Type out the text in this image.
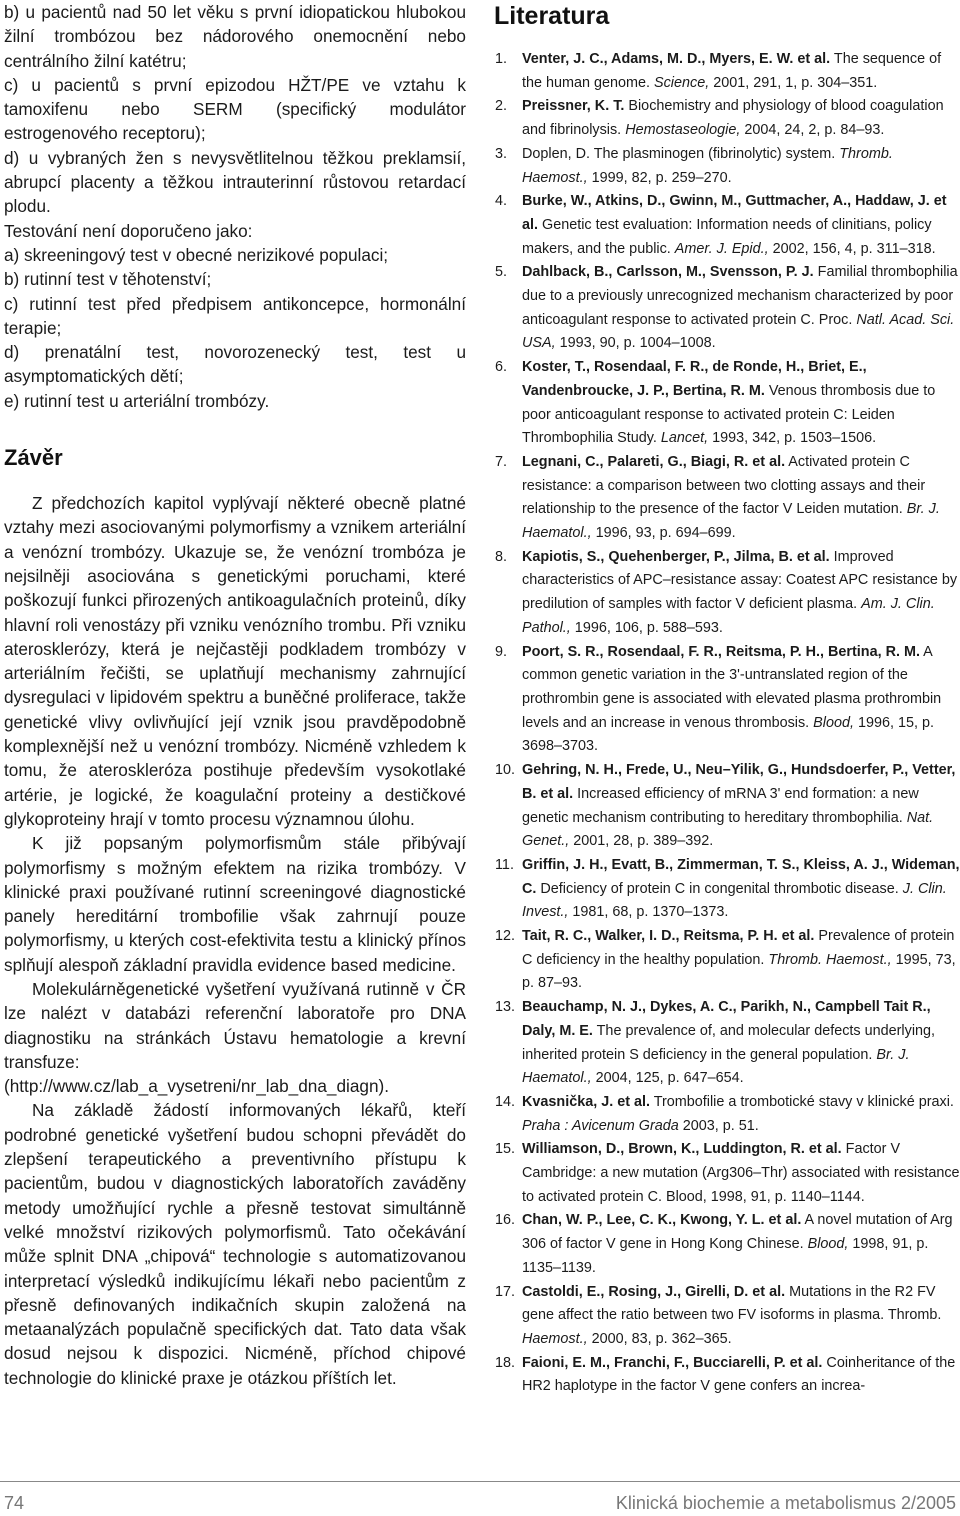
b) u pacientů nad 50 let věku s první idiopatickou hlubokou žilní trombózou bez nádorového onemocnění nebo centrálního žilní katétru;

c) u pacientů s první epizodou HŽT/PE ve vztahu k tamoxifenu nebo SERM (specifický modulátor estrogenového receptoru);

d) u vybraných žen s nevysvětlitelnou těžkou preklamsií, abrupcí placenty a těžkou intrauterinní růstovou retardací plodu.

Testování není doporučeno jako:

a) skreeningový test v obecné nerizikové populaci;

b) rutinní test v těhotenství;

c) rutinní test před předpisem antikoncepce, hormonální terapie;

d) prenatální test, novorozenecký test, test u asymptomatických dětí;

e) rutinní test u arteriální trombózy.

Závěr

Z předchozích kapitol vyplývají některé obecně platné vztahy mezi asociovanými polymorfismy a vznikem arteriální a venózní trombózy. Ukazuje se, že venózní trombóza je nejsilněji asociována s genetickými poruchami, které poškozují funkci přirozených antikoagulačních proteinů, díky hlavní roli venostázy při vzniku venózního trombu. Při vzniku aterosklerózy, která je nejčastěji podkladem trombózy v arteriálním řečišti, se uplatňují mechanismy zahrnující dysregulaci v lipidovém spektru a buněčné proliferace, takže genetické vlivy ovlivňující její vznik jsou pravděpodobně komplexnější než u venózní trombózy. Nicméně vzhledem k tomu, že ateroskleróza postihuje především vysokotlaké artérie, je logické, že koagulační proteiny a destičkové glykoproteiny hrají v tomto procesu významnou úlohu.

K již popsaným polymorfismům stále přibývají polymorfismy s možným efektem na rizika trombózy. V klinické praxi používané rutinní screeningové diagnostické panely hereditární trombofilie však zahrnují pouze polymorfismy, u kterých cost-efektivita testu a klinický přínos splňují alespoň základní pravidla evidence based medicine.

Molekulárněgenetické vyšetření využívaná rutinně v ČR lze nalézt v databázi referenční laboratoře pro DNA diagnostiku na stránkách Ústavu hematologie a krevní transfuze:

(http://www.cz/lab_a_vysetreni/nr_lab_dna_diagn).

Na základě žádostí informovaných lékařů, kteří podrobné genetické vyšetření budou schopni převádět do zlepšení terapeutického a preventivního přístupu k pacientům, budou v diagnostických laboratořích zaváděny metody umožňující rychle a přesně testovat simultánně velké množství rizikových polymorfismů. Tato očekávání může splnit DNA „chipová“ technologie s automatizovanou interpretací výsledků indikujícímu lékaři nebo pacientům z přesně definovaných indikačních skupin založená na metaanalýzách populačně specifických dat. Tato data však dosud nejsou k dispozici. Nicméně, příchod chipové technologie do klinické praxe je otázkou příštích let.

Literatura
1.	Venter, J. C., Adams, M. D., Myers, E. W. et al. The sequence of the human genome. Science, 2001, 291, 1, p. 304–351.
2.	Preissner, K. T. Biochemistry and physiology of blood coagulation and fibrinolysis. Hemostaseologie, 2004, 24, 2, p. 84–93.
3.	Doplen, D. The plasminogen (fibrinolytic) system. Thromb. Haemost., 1999, 82, p. 259–270.
4.	Burke, W., Atkins, D., Gwinn, M., Guttmacher, A., Haddaw, J. et al. Genetic test evaluation: Information needs of clinitians, policy makers, and the public. Amer. J. Epid., 2002, 156, 4, p. 311–318.
5.	Dahlback, B., Carlsson, M., Svensson, P. J. Familial thrombophilia due to a previously unrecognized mechanism characterized by poor anticoagulant response to activated protein C. Proc. Natl. Acad. Sci. USA, 1993, 90, p. 1004–1008.
6.	Koster, T., Rosendaal, F. R., de Ronde, H., Briet, E., Vandenbroucke, J. P., Bertina, R. M. Venous thrombosis due to poor anticoagulant response to activated protein C: Leiden Thrombophilia Study. Lancet, 1993, 342, p. 1503–1506.
7.	Legnani, C., Palareti, G., Biagi, R. et al. Activated protein C resistance: a comparison between two clotting assays and their relationship to the presence of the factor V Leiden mutation. Br. J. Haematol., 1996, 93, p. 694–699.
8.	Kapiotis, S., Quehenberger, P., Jilma, B. et al. Improved characteristics of APC–resistance assay: Coatest APC resistance by predilution of samples with factor V deficient plasma. Am. J. Clin. Pathol., 1996, 106, p. 588–593.
9.	Poort, S. R., Rosendaal, F. R., Reitsma, P. H., Bertina, R. M. A common genetic variation in the 3'-untranslated region of the prothrombin gene is associated with elevated plasma prothrombin levels and an increase in venous thrombosis. Blood, 1996, 15, p. 3698–3703.
10. Gehring, N. H., Frede, U., Neu–Yilik, G., Hundsdoerfer, P., Vetter, B. et al. Increased efficiency of mRNA 3' end formation: a new genetic mechanism contributing to hereditary thrombophilia. Nat. Genet., 2001, 28, p. 389–392.
11. Griffin, J. H., Evatt, B., Zimmerman, T. S., Kleiss, A. J., Wideman, C. Deficiency of protein C in congenital thrombotic disease. J. Clin. Invest., 1981, 68, p. 1370–1373.
12. Tait, R. C., Walker, I. D., Reitsma, P. H. et al. Prevalence of protein C deficiency in the healthy population. Thromb. Haemost., 1995, 73, p. 87–93.
13. Beauchamp, N. J., Dykes, A. C., Parikh, N., Campbell Tait R., Daly, M. E. The prevalence of, and molecular defects underlying, inherited protein S deficiency in the general population. Br. J. Haematol., 2004, 125, p. 647–654.
14. Kvasnička, J. et al. Trombofilie a trombotické stavy v klinické praxi. Praha : Avicenum Grada 2003, p. 51.
15. Williamson, D., Brown, K., Luddington, R. et al. Factor V Cambridge: a new mutation (Arg306–Thr) associated with resistance to activated protein C. Blood, 1998, 91, p. 1140–1144.
16. Chan, W. P., Lee, C. K., Kwong, Y. L. et al. A novel mutation of Arg 306 of factor V gene in Hong Kong Chinese. Blood, 1998, 91, p. 1135–1139.
17. Castoldi, E., Rosing, J., Girelli, D. et al. Mutations in the R2 FV gene affect the ratio between two FV isoforms in plasma. Thromb. Haemost., 2000, 83, p. 362–365.
18. Faioni, E. M., Franchi, F., Bucciarelli, P. et al. Coinheritance of the HR2 haplotype in the factor V gene confers an increa-
74	Klinická biochemie a metabolismus 2/2005
